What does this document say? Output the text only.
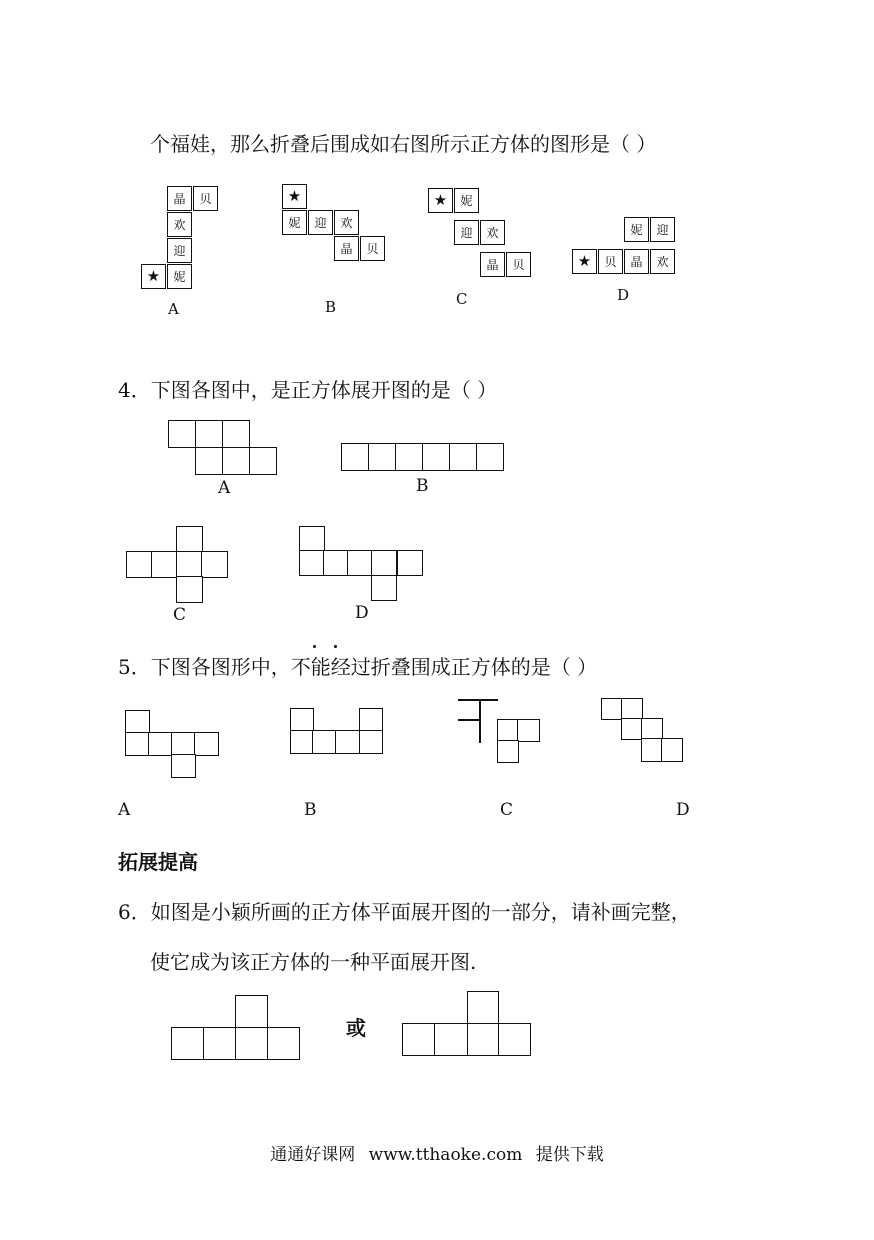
个福娃，那么折叠后围成如右图所示正方体的图形是（ ）
晶	贝
欢
迎
★	妮
A
★
妮	迎	欢
晶	贝
B
★	妮
迎	欢
晶	贝
C
妮	迎
★	贝	晶	欢
D
4．下图各图中，是正方体展开图的是（ ）
A	B
C	D
5．下图各图形中，不能经过折叠围成正方体的是（ ）
A	B	C	D
拓展提高
6．如图是小颖所画的正方体平面展开图的一部分，请补画完整，
使它成为该正方体的一种平面展开图.
或
通通好课网 www.tthaoke.com 提供下载
